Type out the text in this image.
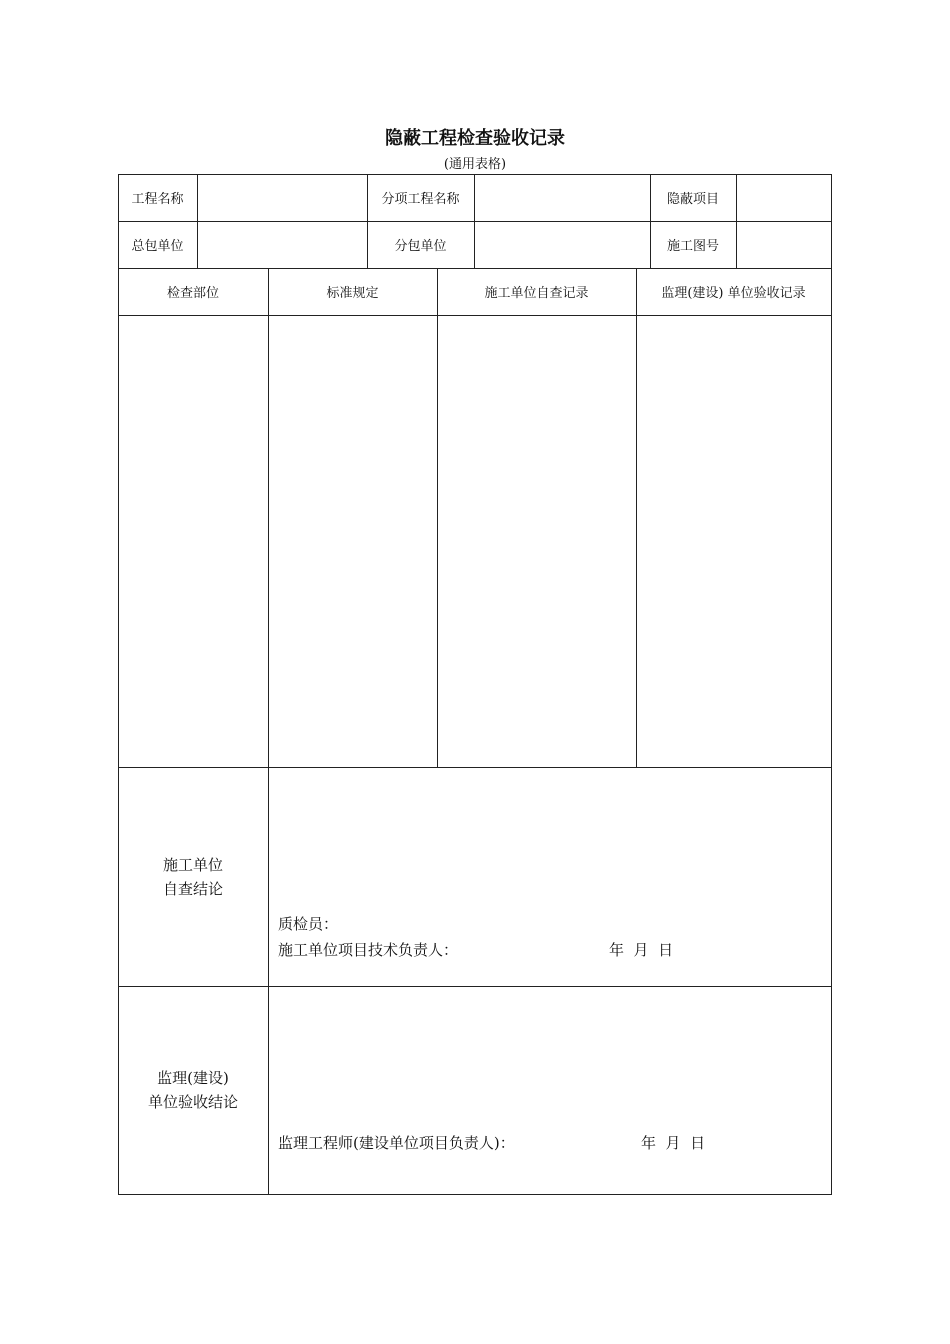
隐蔽工程检查验收记录
(通用表格)
工程名称	分项工程名称	隐蔽项目
总包单位	分包单位	施工图号
检查部位	标准规定	施工单位自查记录	监理(建设) 单位验收记录
施工单位
自查结论
质检员：
施工单位项目技术负责人：	年  月  日
监理(建设)
单位验收结论
监理工程师(建设单位项目负责人)：	年  月  日
